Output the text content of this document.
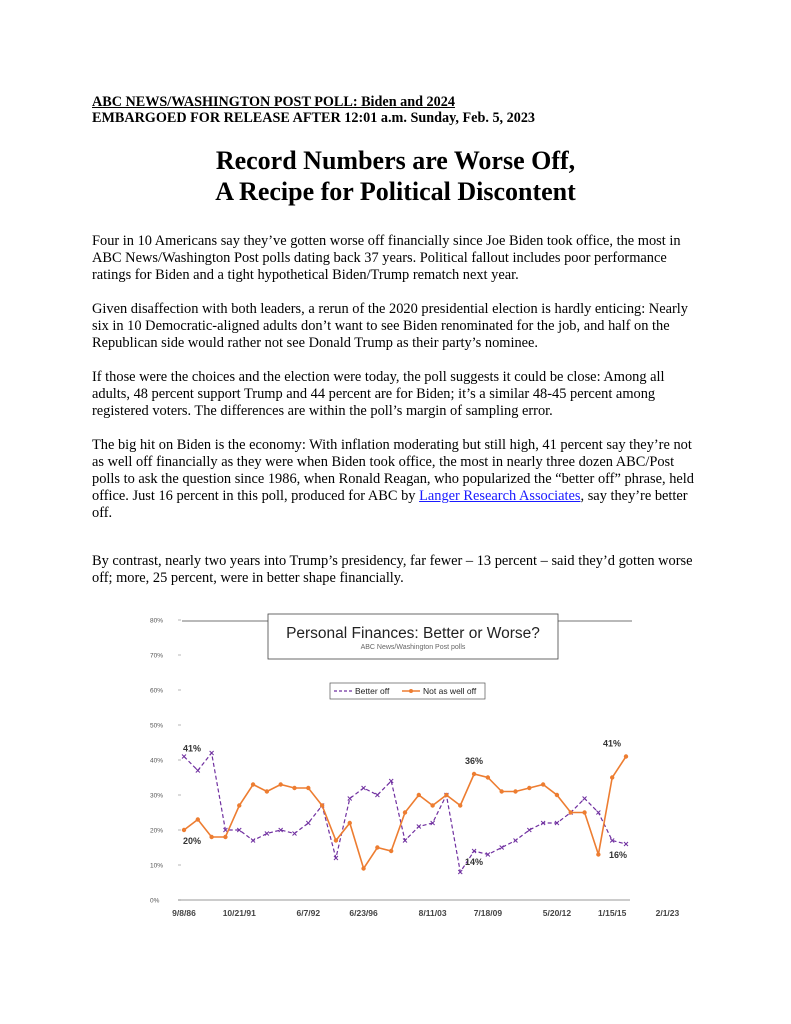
ABC NEWS/WASHINGTON POST POLL: Biden and 2024
EMBARGOED FOR RELEASE AFTER 12:01 a.m. Sunday, Feb. 5, 2023
Record Numbers are Worse Off,
A Recipe for Political Discontent

Four in 10 Americans say they’ve gotten worse off financially since Joe Biden took office, the most in ABC News/Washington Post polls dating back 37 years. Political fallout includes poor performance ratings for Biden and a tight hypothetical Biden/Trump rematch next year.

Given disaffection with both leaders, a rerun of the 2020 presidential election is hardly enticing: Nearly six in 10 Democratic-aligned adults don’t want to see Biden renominated for the job, and half on the Republican side would rather not see Donald Trump as their party’s nominee.

If those were the choices and the election were today, the poll suggests it could be close: Among all adults, 48 percent support Trump and 44 percent are for Biden; it’s a similar 48-45 percent among registered voters. The differences are within the poll’s margin of sampling error.

The big hit on Biden is the economy: With inflation moderating but still high, 41 percent say they’re not as well off financially as they were when Biden took office, the most in nearly three dozen ABC/Post polls to ask the question since 1986, when Ronald Reagan, who popularized the “better off” phrase, held office. Just 16 percent in this poll, produced for ABC by Langer Research Associates, say they’re better off.

By contrast, nearly two years into Trump’s presidency, far fewer – 13 percent – said they’d gotten worse off; more, 25 percent, were in better shape financially.

0%
10%
20%
30%
40%
50%
60%
70%
80%
9/8/86	10/21/91	6/7/92	6/23/96	8/11/03	7/18/09	5/20/12	1/15/15	2/1/23
Personal Finances: Better or Worse?
ABC News/Washington Post polls
Better off	Not as well off
41%
20%
36%
14%
41%
16%
